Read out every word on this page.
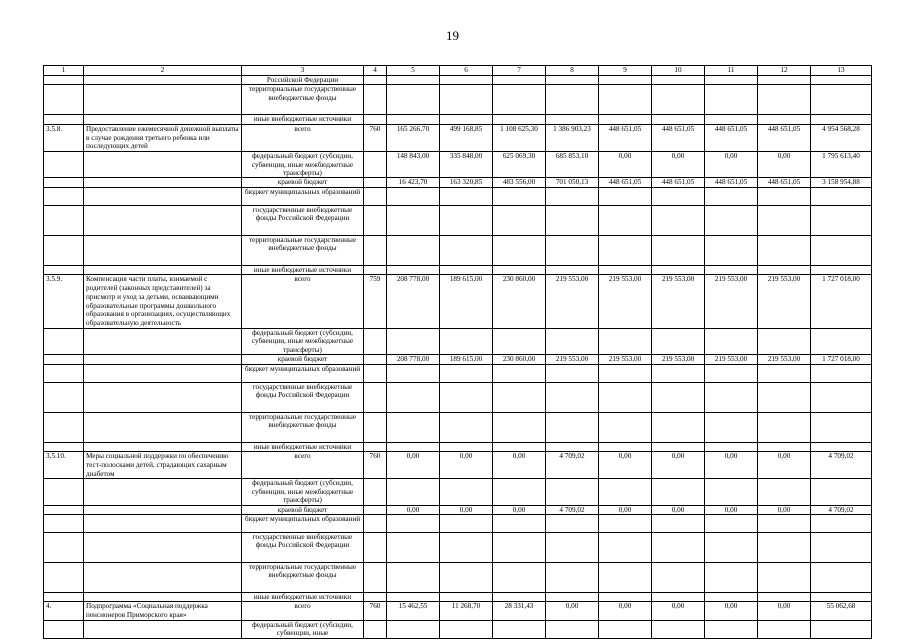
19
1	2	3	4	5	6	7	8	9	10	11	12	13
		Российской Федерации										
		территориальные государственные внебюджетные фонды										
		иные внебюджетные источники										
3.5.8.	Предоставление ежемесячной денежной выплаты в случае рождения третьего ребенка или последующих детей	всего	760	165 266,70	499 168,85	1 108 625,30	1 386 903,23	448 651,05	448 651,05	448 651,05	448 651,05	4 954 568,28
		федеральный бюджет (субсидии, субвенции, иные межбюджетные трансферты)		148 843,00	335 848,00	625 069,30	685 853,10	0,00	0,00	0,00	0,00	1 795 613,40
		краевой бюджет		16 423,70	163 320,85	483 556,00	701 050,13	448 651,05	448 651,05	448 651,05	448 651,05	3 158 954,88
		бюджет муниципальных образований										
		государственные внебюджетные фонды Российской Федерации										
		территориальные государственные внебюджетные фонды										
		иные внебюджетные источники										
3.5.9.	Компенсация части платы, взимаемой с родителей (законных представителей) за присмотр и уход за детьми, осваивающими образовательные программы дошкольного образования в организациях, осуществляющих образовательную деятельность	всего	759	208 778,00	189 615,00	230 860,00	219 553,00	219 553,00	219 553,00	219 553,00	219 553,00	1 727 018,00
		федеральный бюджет (субсидии, субвенции, иные межбюджетные трансферты)										
		краевой бюджет		208 778,00	189 615,00	230 860,00	219 553,00	219 553,00	219 553,00	219 553,00	219 553,00	1 727 018,00
		бюджет муниципальных образований										
		государственные внебюджетные фонды Российской Федерации										
		территориальные государственные внебюджетные фонды										
		иные внебюджетные источники										
3.5.10.	Меры социальной поддержки по обеспечению тест-полосками детей, страдающих сахарным диабетом	всего	760	0,00	0,00	0,00	4 709,02	0,00	0,00	0,00	0,00	4 709,02
		федеральный бюджет (субсидии, субвенции, иные межбюджетные трансферты)										
		краевой бюджет		0,00	0,00	0,00	4 709,02	0,00	0,00	0,00	0,00	4 709,02
		бюджет муниципальных образований										
		государственные внебюджетные фонды Российской Федерации										
		территориальные государственные внебюджетные фонды										
		иные внебюджетные источники										
4.	Подпрограмма «Социальная поддержка пенсионеров Приморского края»	всего	760	15 462,55	11 268,70	28 331,43	0,00	0,00	0,00	0,00	0,00	55 062,68
		федеральный бюджет (субсидии, субвенции, иные										
